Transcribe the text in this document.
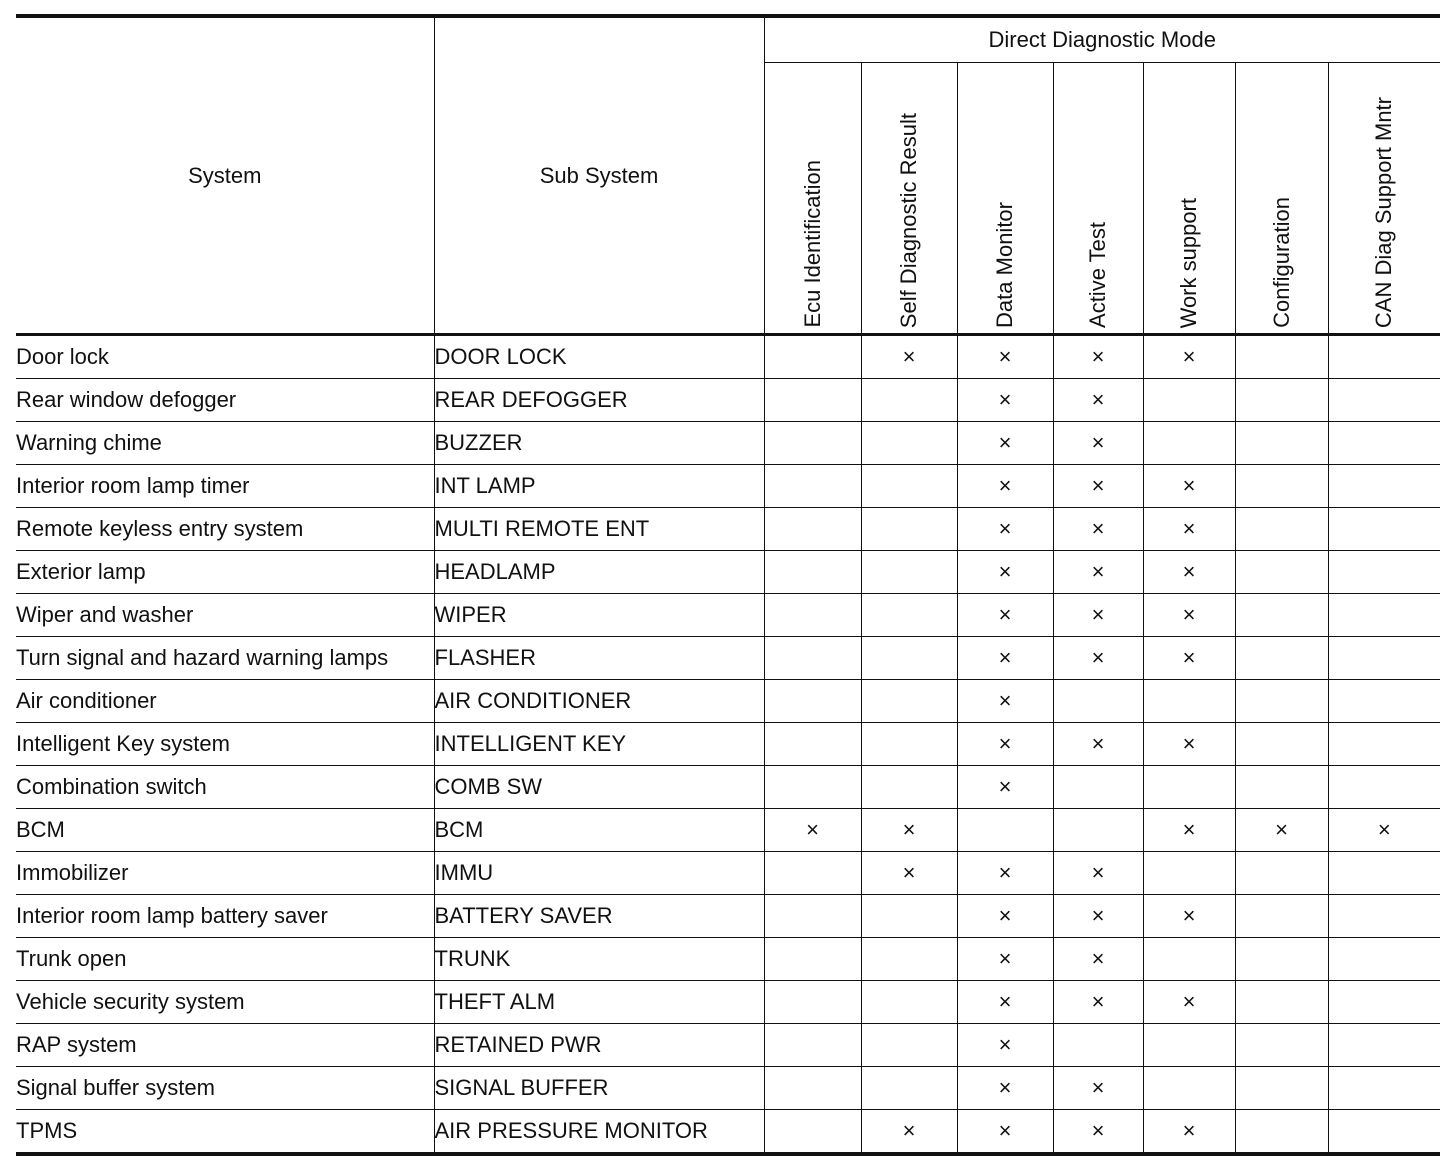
System	Sub System	Direct Diagnostic Mode						
		Ecu Identification	Self Diagnostic Result	Data Monitor	Active Test	Work support	Configuration	CAN Diag Support Mntr
Door lock	DOOR LOCK		×	×	×	×		
Rear window defogger	REAR DEFOGGER			×	×			
Warning chime	BUZZER			×	×			
Interior room lamp timer	INT LAMP			×	×	×		
Remote keyless entry system	MULTI REMOTE ENT			×	×	×		
Exterior lamp	HEADLAMP			×	×	×		
Wiper and washer	WIPER			×	×	×		
Turn signal and hazard warning lamps	FLASHER			×	×	×		
Air conditioner	AIR CONDITIONER			×				
Intelligent Key system	INTELLIGENT KEY			×	×	×		
Combination switch	COMB SW			×				
BCM	BCM	×	×			×	×	×
Immobilizer	IMMU		×	×	×			
Interior room lamp battery saver	BATTERY SAVER			×	×	×		
Trunk open	TRUNK			×	×			
Vehicle security system	THEFT ALM			×	×	×		
RAP system	RETAINED PWR			×				
Signal buffer system	SIGNAL BUFFER			×	×			
TPMS	AIR PRESSURE MONITOR		×	×	×	×		
